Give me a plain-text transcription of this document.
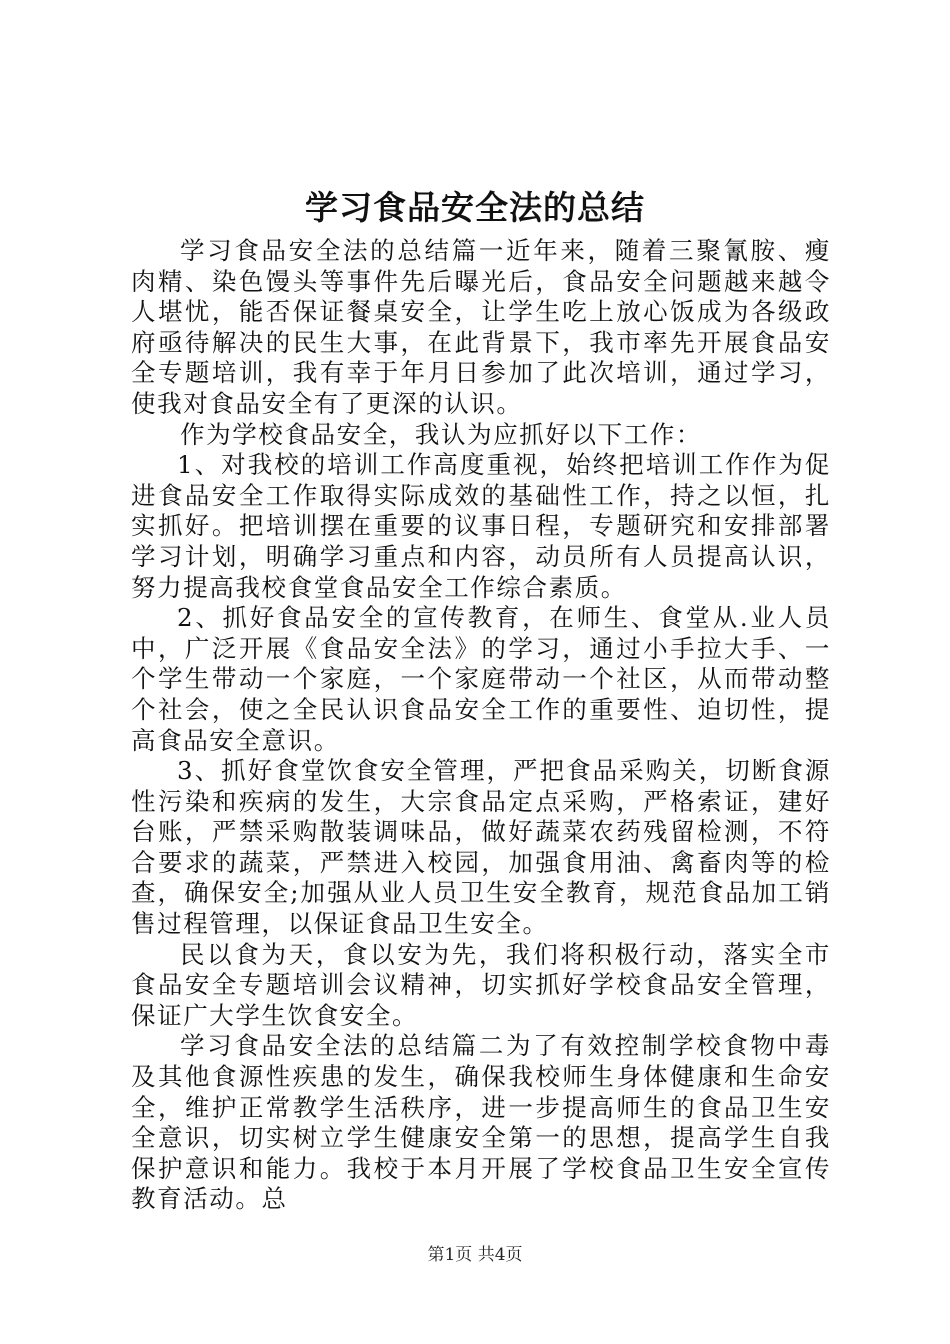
学习食品安全法的总结

学习食品安全法的总结篇一近年来，随着三聚氰胺、瘦肉精、染色馒头等事件先后曝光后，食品安全问题越来越令人堪忧，能否保证餐桌安全，让学生吃上放心饭成为各级政府亟待解决的民生大事，在此背景下，我市率先开展食品安全专题培训，我有幸于年月日参加了此次培训，通过学习，使我对食品安全有了更深的认识。

作为学校食品安全，我认为应抓好以下工作：

1、对我校的培训工作高度重视，始终把培训工作作为促进食品安全工作取得实际成效的基础性工作，持之以恒，扎实抓好。把培训摆在重要的议事日程，专题研究和安排部署学习计划，明确学习重点和内容，动员所有人员提高认识，努力提高我校食堂食品安全工作综合素质。

2、抓好食品安全的宣传教育，在师生、食堂从.业人员中，广泛开展《食品安全法》的学习，通过小手拉大手、一个学生带动一个家庭，一个家庭带动一个社区，从而带动整个社会，使之全民认识食品安全工作的重要性、迫切性，提高食品安全意识。

3、抓好食堂饮食安全管理，严把食品采购关，切断食源性污染和疾病的发生，大宗食品定点采购，严格索证，建好台账，严禁采购散装调味品，做好蔬菜农药残留检测，不符合要求的蔬菜，严禁进入校园，加强食用油、禽畜肉等的检查，确保安全;加强从业人员卫生安全教育，规范食品加工销售过程管理，以保证食品卫生安全。

民以食为天，食以安为先，我们将积极行动，落实全市食品安全专题培训会议精神，切实抓好学校食品安全管理，保证广大学生饮食安全。

学习食品安全法的总结篇二为了有效控制学校食物中毒及其他食源性疾患的发生，确保我校师生身体健康和生命安全，维护正常教学生活秩序，进一步提高师生的食品卫生安全意识，切实树立学生健康安全第一的思想，提高学生自我保护意识和能力。我校于本月开展了学校食品卫生安全宣传教育活动。总

第1页 共4页
